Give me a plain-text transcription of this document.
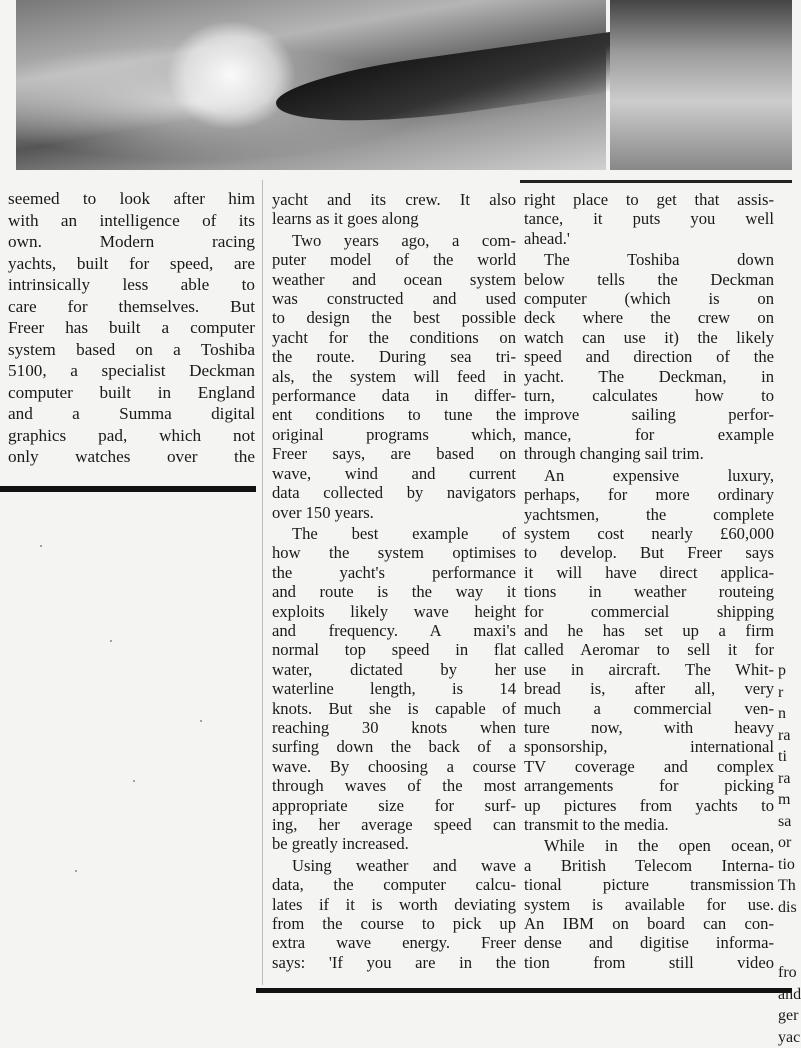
seemed to look after him
with an intelligence of its
own. Modern racing
yachts, built for speed, are
intrinsically less able to
care for themselves. But
Freer has built a computer
system based on a Toshiba
5100, a specialist Deckman
computer built in England
and a Summa digital
graphics pad, which not
only watches over the
yacht and its crew. It also
learns as it goes along
Two years ago, a com-
puter model of the world
weather and ocean system
was constructed and used
to design the best possible
yacht for the conditions on
the route. During sea tri-
als, the system will feed in
performance data in differ-
ent conditions to tune the
original programs which,
Freer says, are based on
wave, wind and current
data collected by navigators
over 150 years.
The best example of
how the system optimises
the yacht's performance
and route is the way it
exploits likely wave height
and frequency. A maxi's
normal top speed in flat
water, dictated by her
waterline length, is 14
knots. But she is capable of
reaching 30 knots when
surfing down the back of a
wave. By choosing a course
through waves of the most
appropriate size for surf-
ing, her average speed can
be greatly increased.
Using weather and wave
data, the computer calcu-
lates if it is worth deviating
from the course to pick up
extra wave energy. Freer
says: 'If you are in the
right place to get that assis-
tance, it puts you well
ahead.'
The Toshiba down
below tells the Deckman
computer (which is on
deck where the crew on
watch can use it) the likely
speed and direction of the
yacht. The Deckman, in
turn, calculates how to
improve sailing perfor-
mance, for example
through changing sail trim.
An expensive luxury,
perhaps, for more ordinary
yachtsmen, the complete
system cost nearly £60,000
to develop. But Freer says
it will have direct applica-
tions in weather routeing
for commercial shipping
and he has set up a firm
called Aeromar to sell it for
use in aircraft. The Whit-
bread is, after all, very
much a commercial ven-
ture now, with heavy
sponsorship, international
TV coverage and complex
arrangements for picking
up pictures from yachts to
transmit to the media.
While in the open ocean,
a British Telecom Interna-
tional picture transmission
system is available for use.
An IBM on board can con-
dense and digitise informa-
tion from still video
p
r
n
ra
ti
ra
m
sa
or
tio
Th
dis
fro
and
ger
yac
